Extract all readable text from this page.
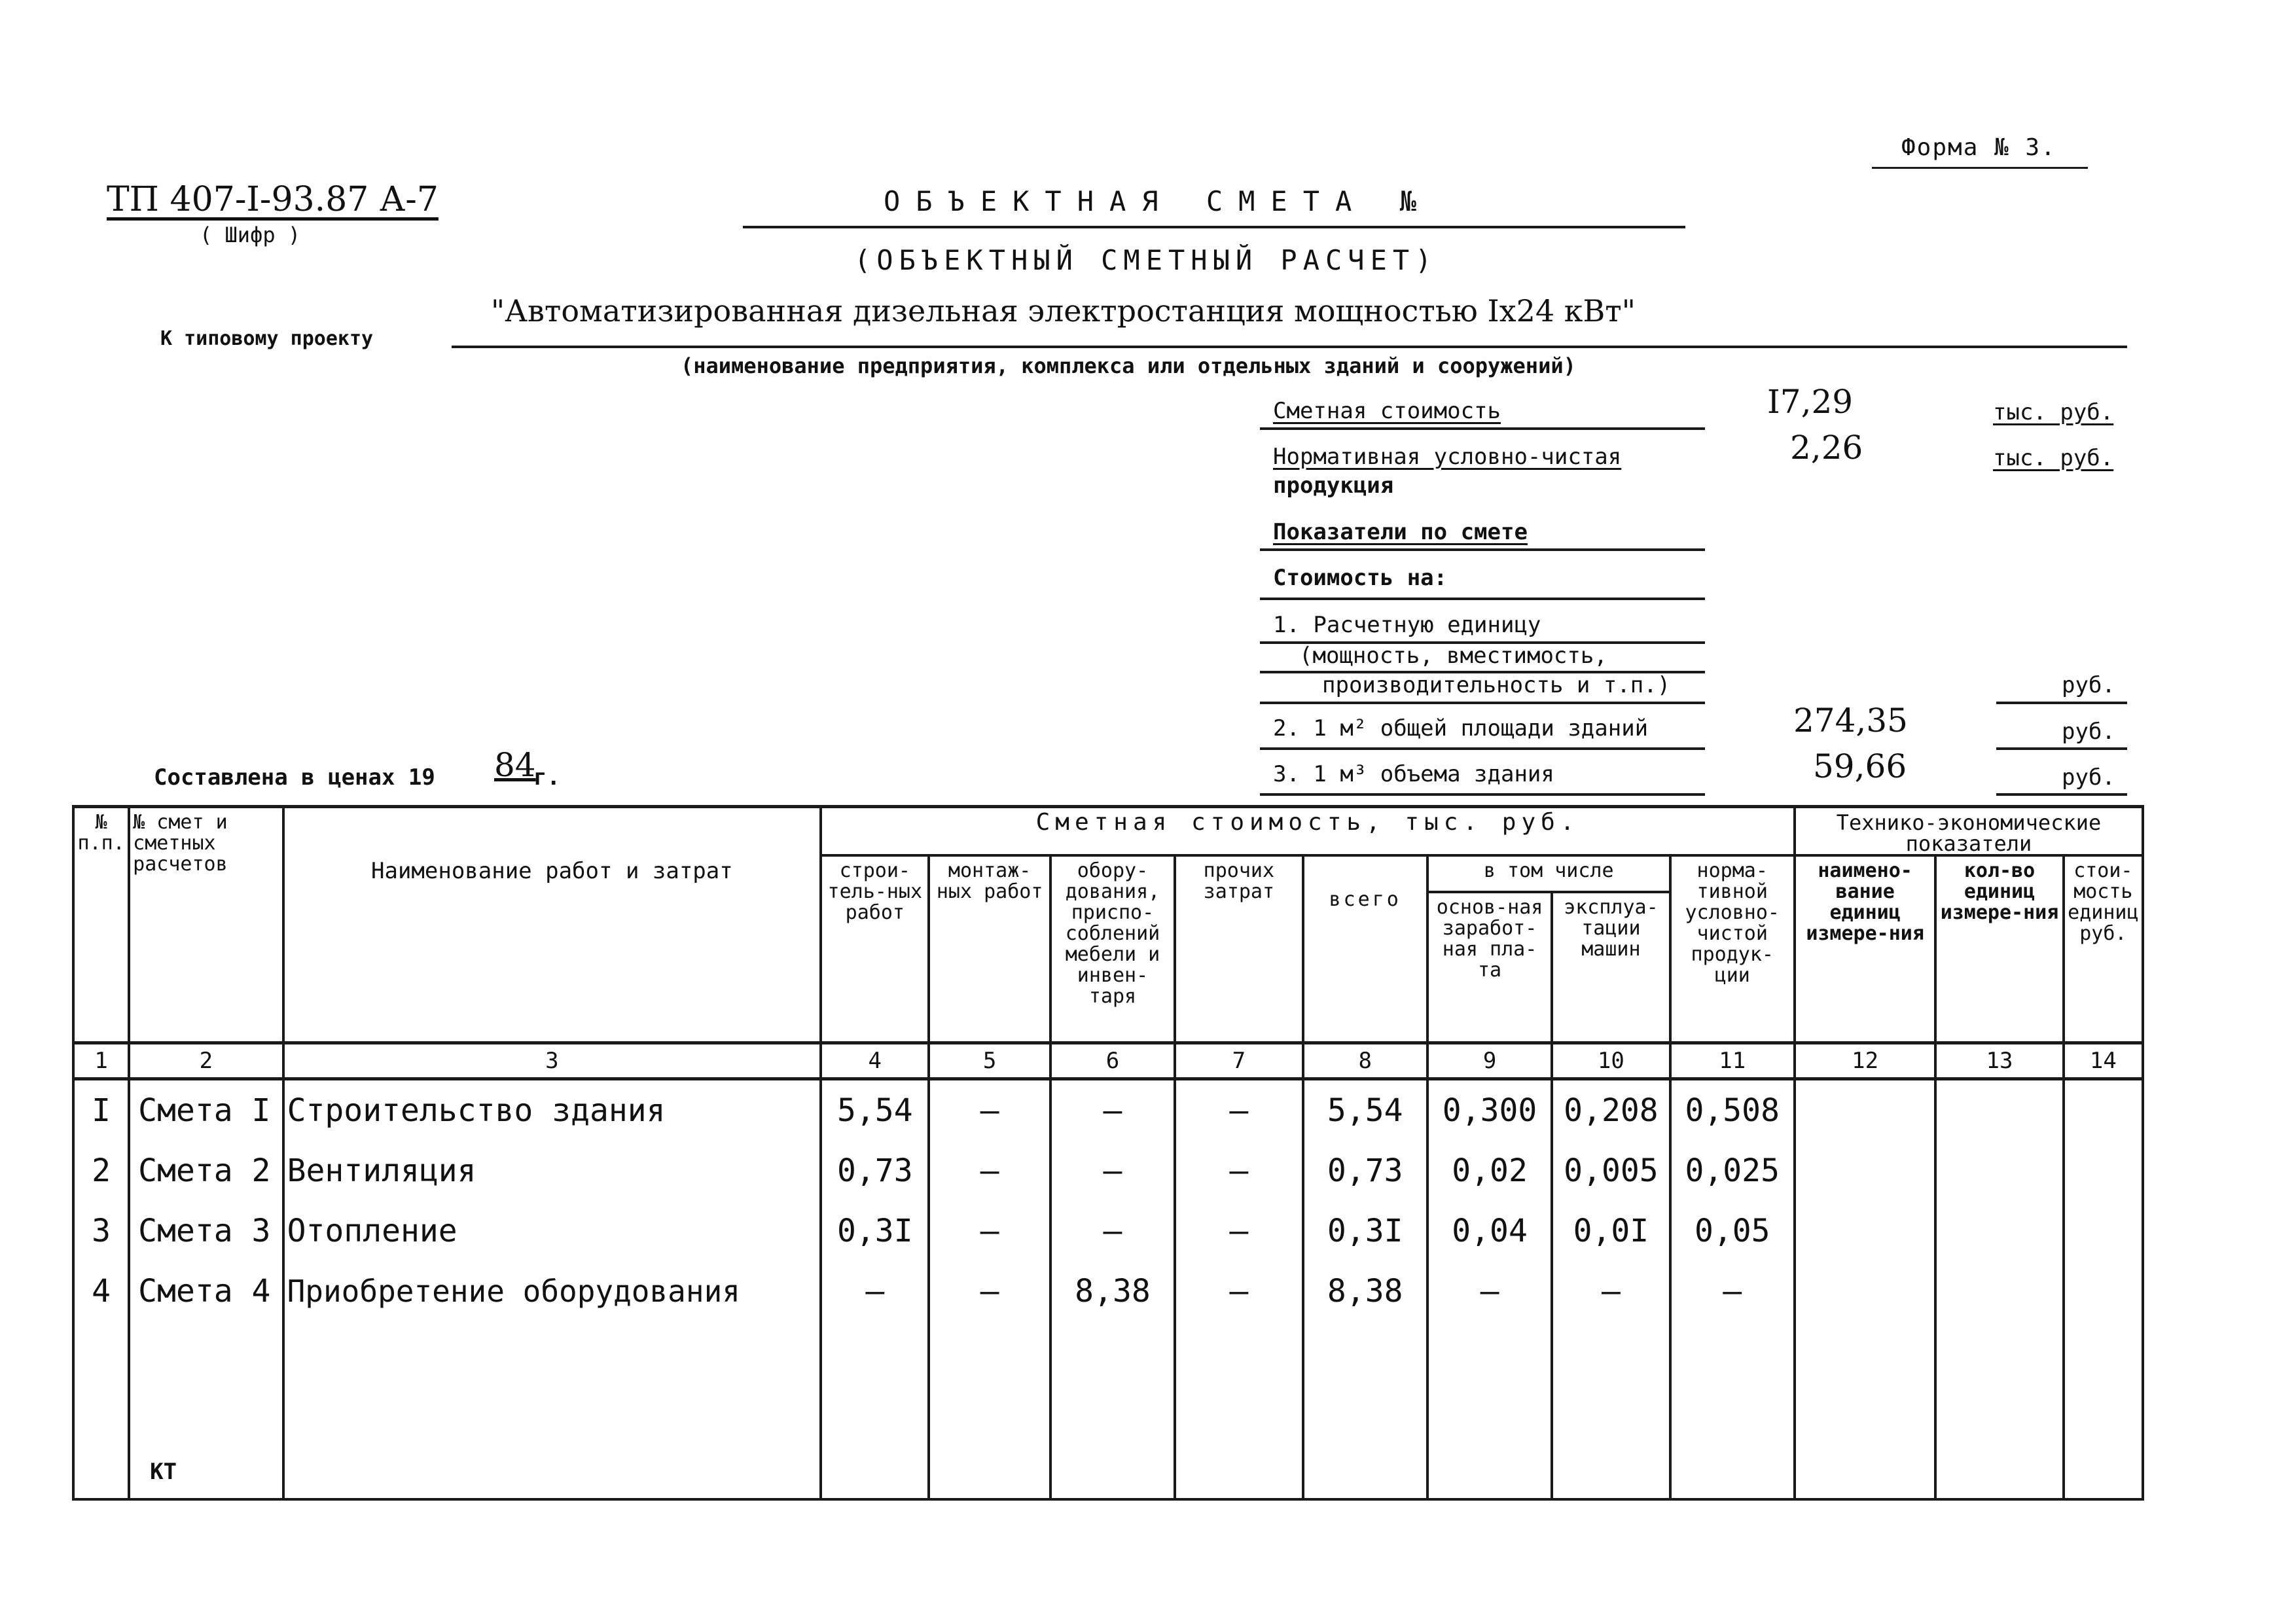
Форма № 3.
ТП 407-I-93.87 А-7
( Шифр )
ОБЪЕКТНАЯ СМЕТА №
(ОБЪЕКТНЫЙ СМЕТНЫЙ РАСЧЕТ)
К типовому проекту
"Автоматизированная дизельная электростанция мощностью Iх24 кВт"
(наименование предприятия, комплекса или отдельных зданий и сооружений)
Сметная стоимость	I7,29	тыс. руб.
Нормативная условно-чистая
продукция
2,26	тыс. руб.
Показатели по смете
Стоимость на:
1. Расчетную единицу
(мощность, вместимость,
производительность и т.п.)	руб.
2. 1 м² общей площади зданий	274,35	руб.
3. 1 м³ объема здания	59,66	руб.
Составлена в ценах 19 84
г.
№ п.п.	№ смет и сметных расчетов	Наименование работ и затрат	Сметная стоимость, тыс. руб.								Технико-экономические показатели		
			строи-тель-ных работ	монтаж-ных работ	обору-дования, приспо-соблений мебели и инвен-таря	прочих затрат	всего	в том числе		норма-тивной условно-чистой продук-ции	наимено-вание единиц измере-ния	кол-во единиц измере-ния	стои-мость единиц руб.
								основ-ная заработ-ная пла-та	эксплуа-тации машин				
1	2	3	4	5	6	7	8	9	10	11	12	13	14
I	Смета I	Строительство здания	5,54	–	–	–	5,54	0,300	0,208	0,508			
2	Смета 2	Вентиляция	0,73	–	–	–	0,73	0,02	0,005	0,025			
3	Смета 3	Отопление	0,3I	–	–	–	0,3I	0,04	0,0I	0,05			
4	Смета 4	Приобретение оборудования	–	–	8,38	–	8,38	–	–	–			
	КТ												
